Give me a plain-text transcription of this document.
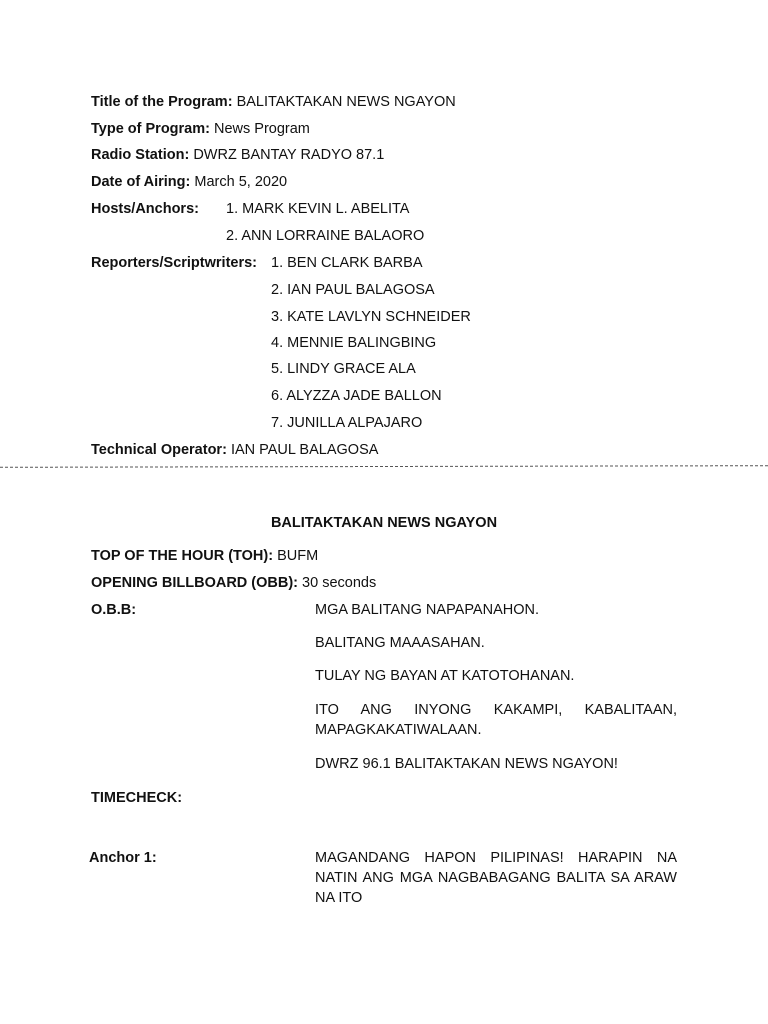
Title of the Program: BALITAKTAKAN NEWS NGAYON
Type of Program: News Program
Radio Station: DWRZ BANTAY RADYO 87.1
Date of Airing: March 5, 2020
Hosts/Anchors: 1. MARK KEVIN L. ABELITA
2. ANN LORRAINE BALAORO
Reporters/Scriptwriters: 1. BEN CLARK BARBA
2. IAN PAUL BALAGOSA
3. KATE LAVLYN SCHNEIDER
4. MENNIE BALINGBING
5. LINDY GRACE ALA
6. ALYZZA JADE BALLON
7. JUNILLA ALPAJARO
Technical Operator: IAN PAUL BALAGOSA
BALITAKTAKAN NEWS NGAYON
TOP OF THE HOUR (TOH): BUFM
OPENING BILLBOARD (OBB): 30 seconds
O.B.B:	MGA BALITANG NAPAPANAHON.
BALITANG MAAASAHAN.
TULAY NG BAYAN AT KATOTOHANAN.
ITO ANG INYONG KAKAMPI, KABALITAAN, MAPAGKAKATIWALAAN.
DWRZ 96.1 BALITAKTAKAN NEWS NGAYON!
TIMECHECK:
Anchor 1:	MAGANDANG HAPON PILIPINAS! HARAPIN NA NATIN ANG MGA NAGBABAGANG BALITA SA ARAW NA ITO
